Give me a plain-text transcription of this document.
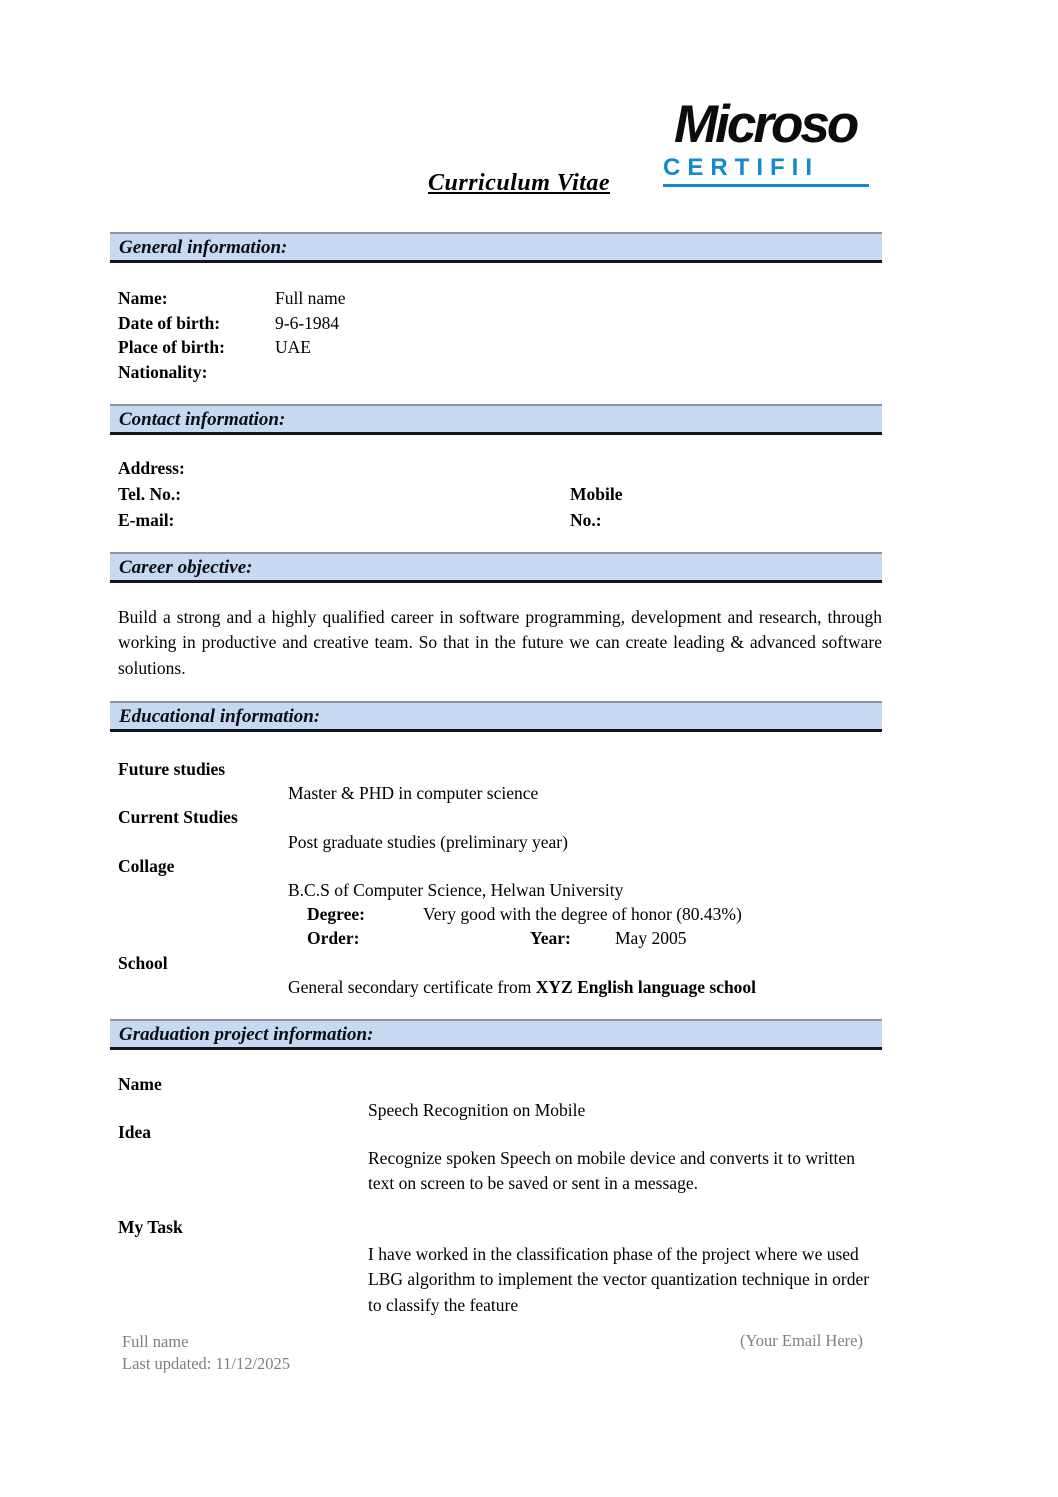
Microso
CERTIFII
Curriculum Vitae
General information:
Contact information:
Career objective:
Educational information:
Graduation project information:
Name:	Full name
Date of birth:	9-6-1984
Place of birth:	UAE
Nationality:
Address:
Tel. No.:	Mobile No.:
E-mail:
Build a strong and a highly qualified career in software programming, development and research, through working in productive and creative team. So that in the future we can create leading & advanced software solutions.
Future studies
Master & PHD in computer science
Current Studies
Post graduate studies (preliminary year)
Collage
B.C.S of Computer Science, Helwan University
Degree:	Very good with the degree of honor (80.43%)
Order:	Year:	May 2005
School
General secondary certificate from XYZ English language school
Name
Speech Recognition on Mobile
Idea
Recognize spoken Speech on mobile device and converts it to written text on screen to be saved or sent in a message.
My Task
I have worked in the classification phase of the project where we used LBG algorithm to implement the vector quantization technique in order to classify the feature
Full name
Last updated: 11/12/2025
(Your Email Here)
